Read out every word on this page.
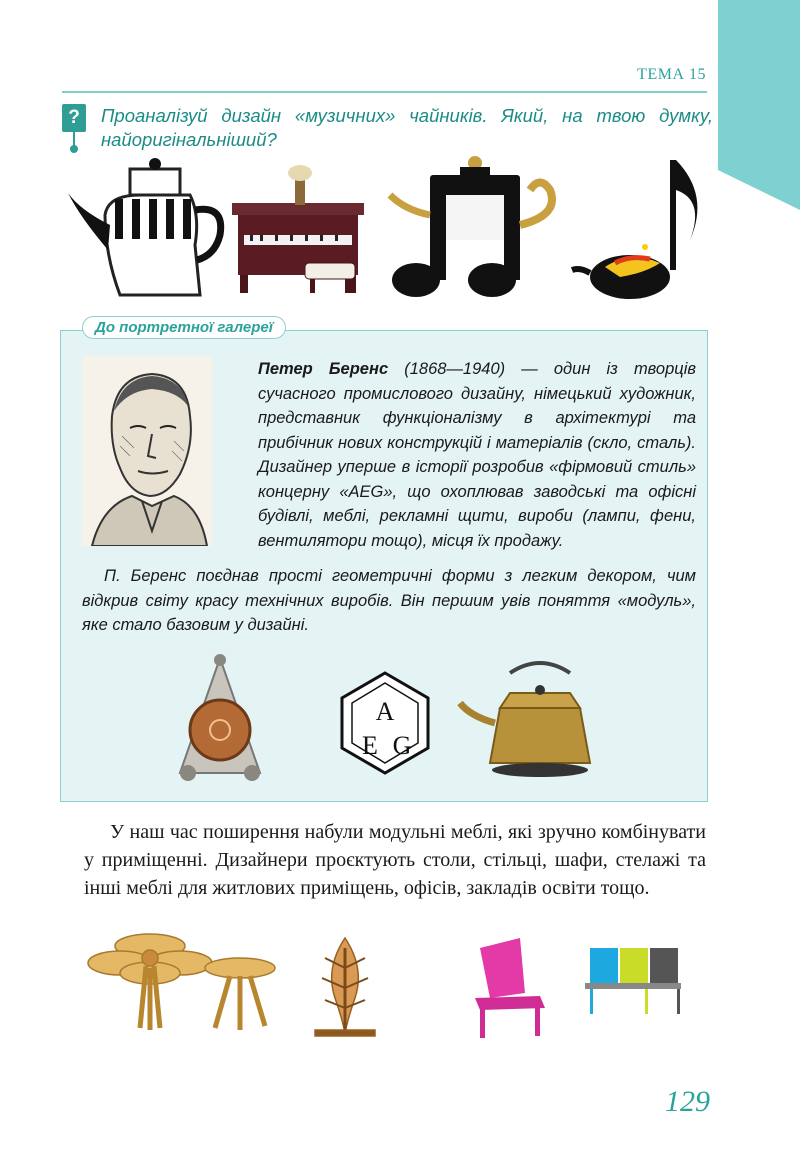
ТЕМА 15
?	Проаналізуй дизайн «музичних» чайників. Який, на твою думку, найоригінальніший?
До портретної галереї
Петер Беренс (1868—1940) — один із творців сучасного промислового дизайну, німецький художник, представник функціоналізму в архітектурі та прибічник нових конструкцій і матеріалів (скло, сталь). Дизайнер уперше в історії розробив «фірмовий стиль» концерну «AEG», що охоплював заводські та офісні будівлі, меблі, рекламні щити, вироби (лампи, фени, вентилятори тощо), місця їх продажу.
П. Беренс поєднав прості геометричні форми з легким декором, чим відкрив світу красу технічних виробів. Він першим увів поняття «модуль», яке стало базовим у дизайні.
A
E G
У наш час поширення набули модульні меблі, які зручно комбінувати у приміщенні. Дизайнери проєктують столи, стільці, шафи, стелажі та інші меблі для житлових приміщень, офісів, закладів освіти тощо.
129
